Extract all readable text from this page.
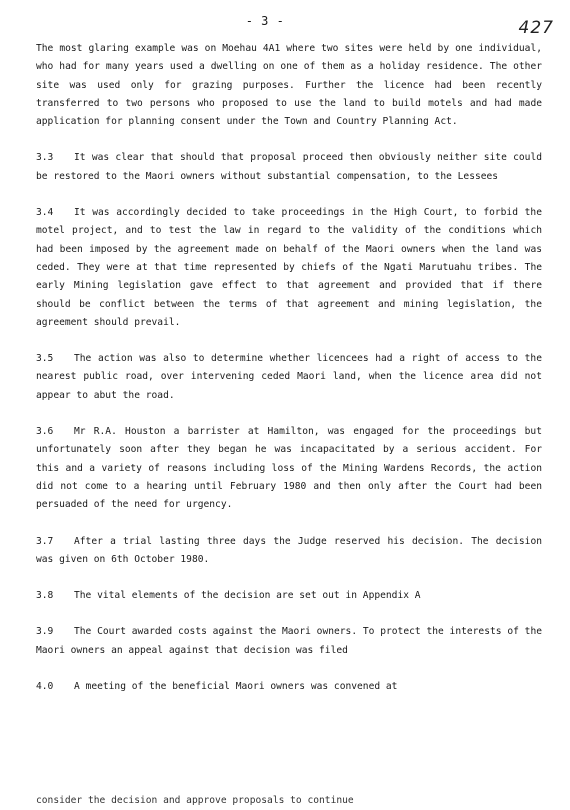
- 3 -	427

The most glaring example was on Moehau 4A1 where two sites were held by one individual, who had for many years used a dwelling on one of them as a holiday residence. The other site was used only for grazing purposes. Further the licence had been recently transferred to two persons who proposed to use the land to build motels and had made application for planning consent under the Town and Country Planning Act.

3.3 It was clear that should that proposal proceed then obviously neither site could be restored to the Maori owners without substantial compensation, to the Lessees

3.4 It was accordingly decided to take proceedings in the High Court, to forbid the motel project, and to test the law in regard to the validity of the conditions which had been imposed by the agreement made on behalf of the Maori owners when the land was ceded. They were at that time represented by chiefs of the Ngati Marutuahu tribes. The early Mining legislation gave effect to that agreement and provided that if there should be conflict between the terms of that agreement and mining legislation, the agreement should prevail.

3.5 The action was also to determine whether licencees had a right of access to the nearest public road, over intervening ceded Maori land, when the licence area did not appear to abut the road.

3.6 Mr R.A. Houston a barrister at Hamilton, was engaged for the proceedings but unfortunately soon after they began he was incapacitated by a serious accident. For this and a variety of reasons including loss of the Mining Wardens Records, the action did not come to a hearing until February 1980 and then only after the Court had been persuaded of the need for urgency.

3.7 After a trial lasting three days the Judge reserved his decision. The decision was given on 6th October 1980.

3.8 The vital elements of the decision are set out in Appendix A

3.9 The Court awarded costs against the Maori owners. To protect the interests of the Maori owners an appeal against that decision was filed

4.0 A meeting of the beneficial Maori owners was convened at

consider the decision and approve proposals to continue
